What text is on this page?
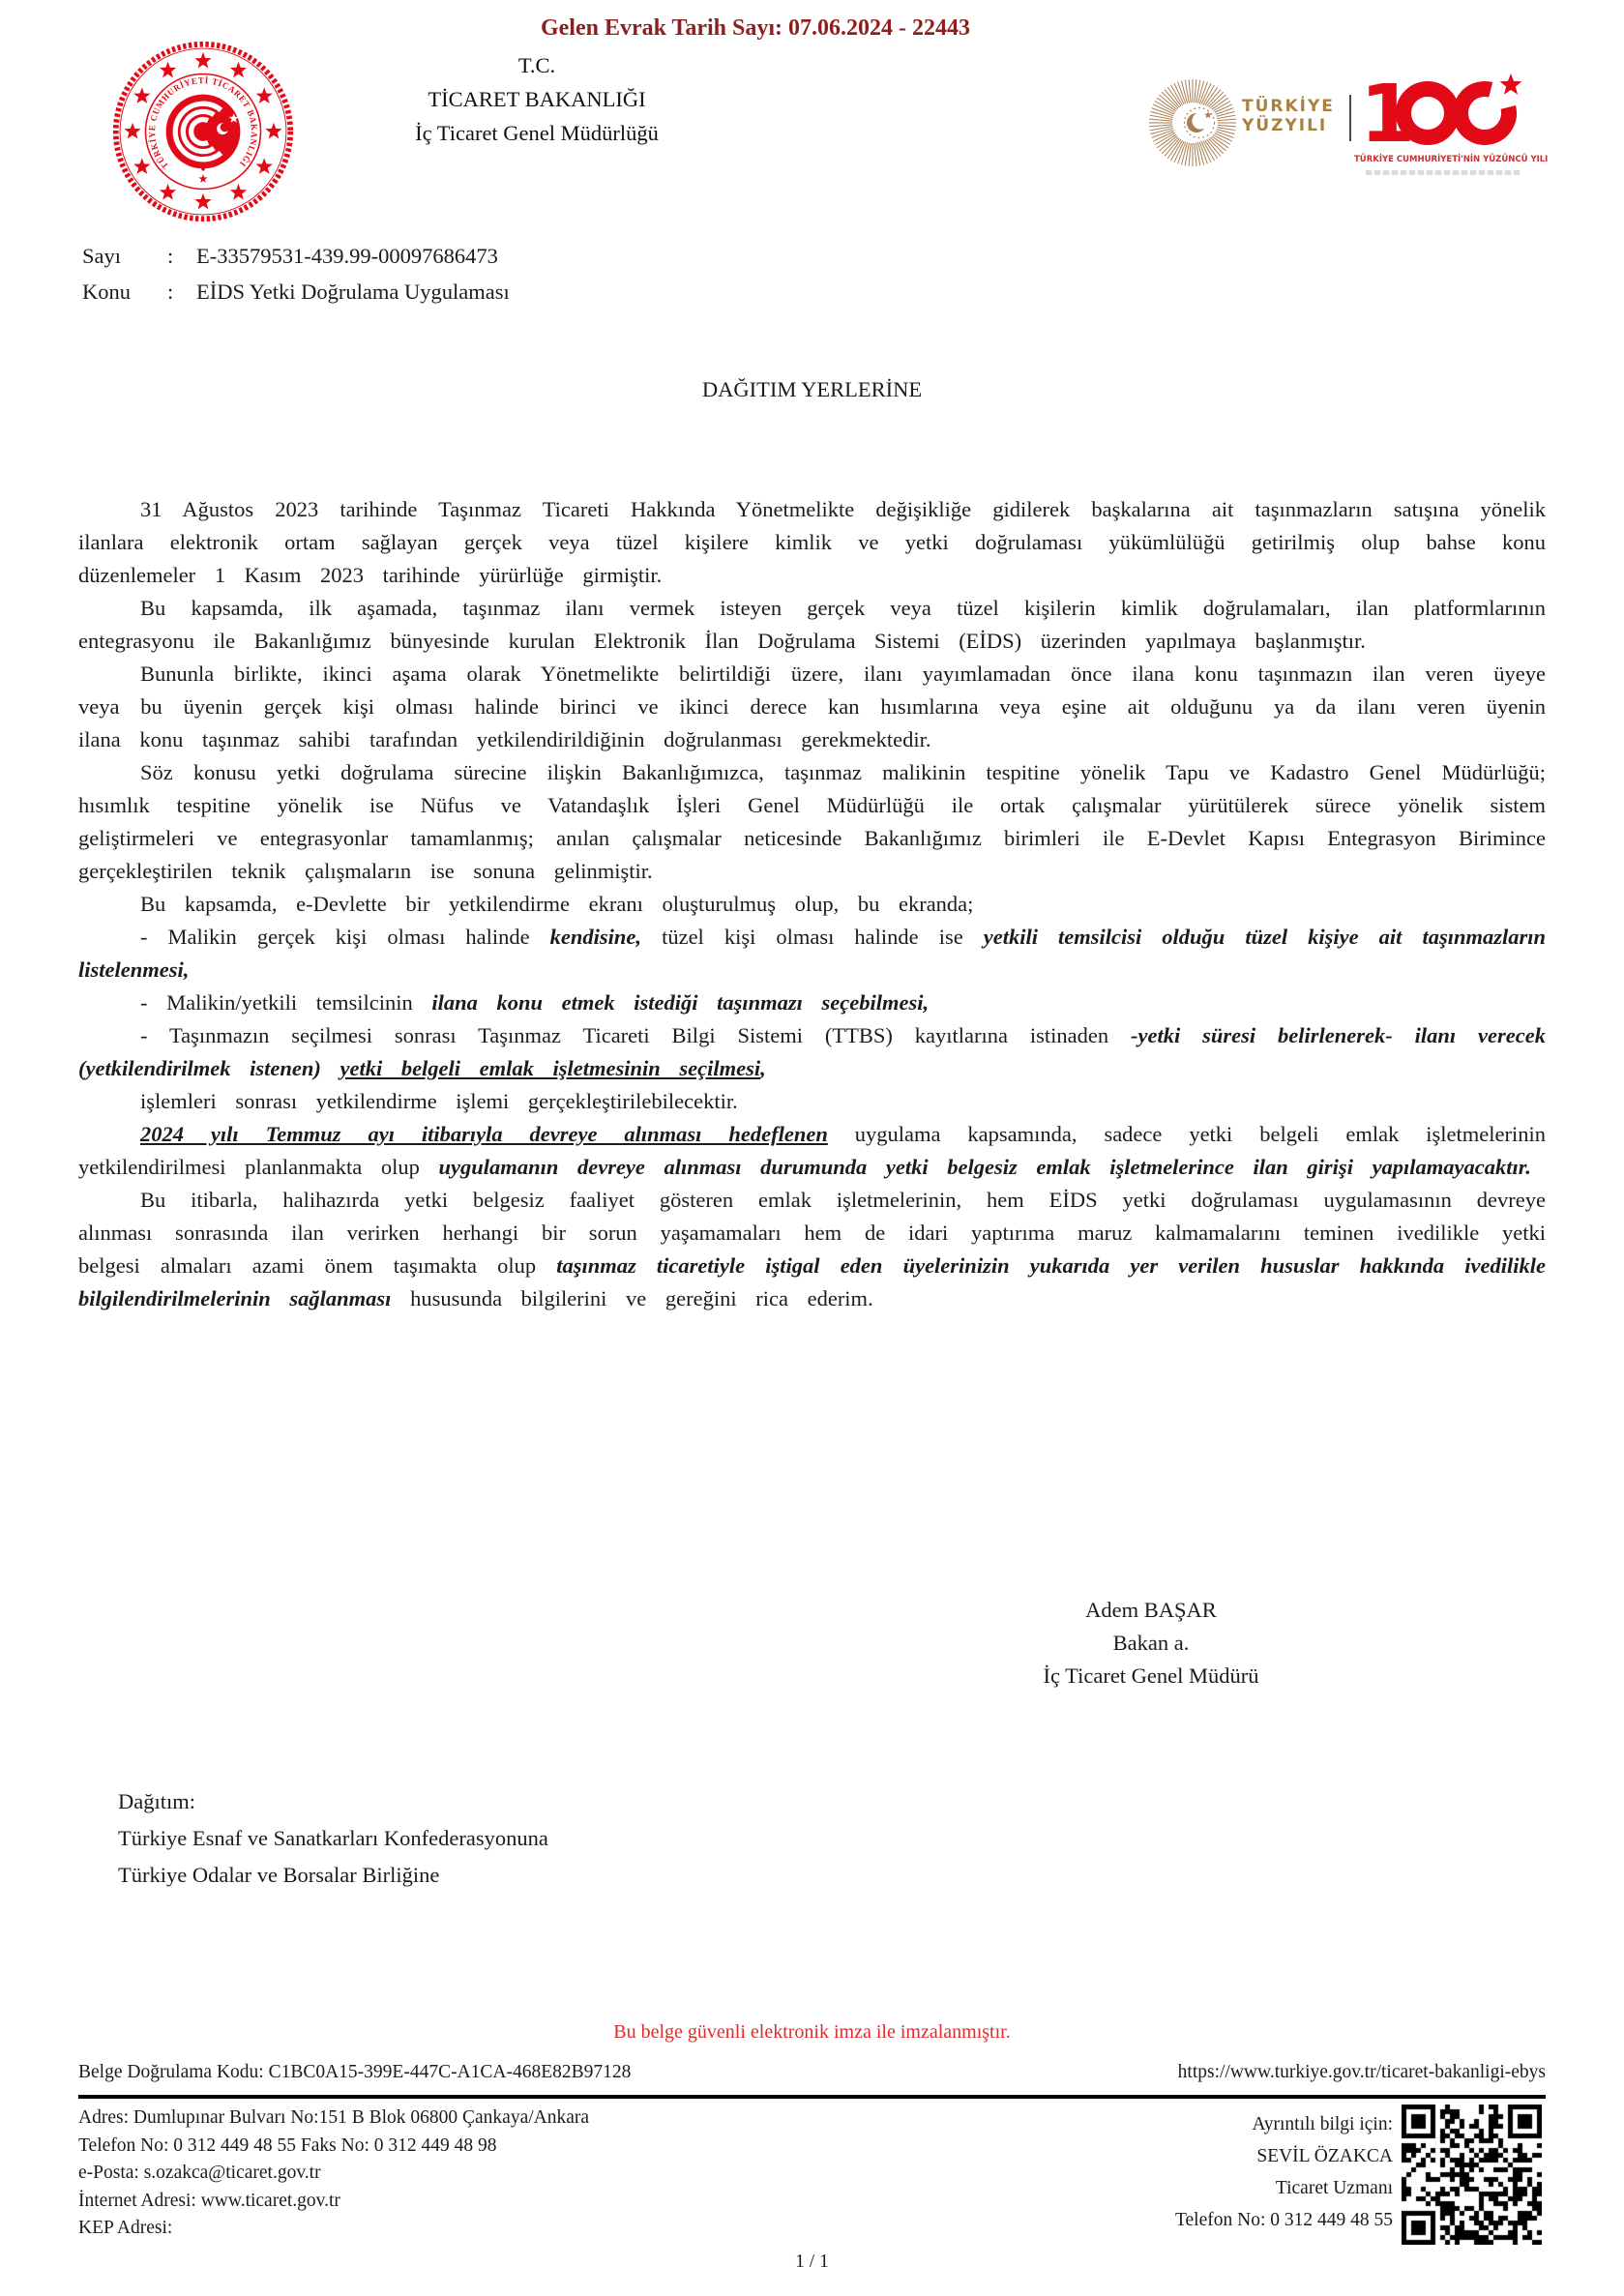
Gelen Evrak Tarih Sayı: 07.06.2024 - 22443
TÜRKİYE CUMHURİYETİ TİCARET BAKANLIĞI
T.C.
TİCARET BAKANLIĞI
İç Ticaret Genel Müdürlüğü
TÜRKİYE
YÜZYILI 1
TÜRKİYE CUMHURİYETİ'NİN YÜZÜNCÜ YILI
Sayı : E-33579531-439.99-00097686473
Konu : EİDS Yetki Doğrulama Uygulaması
DAĞITIM YERLERİNE

31 Ağustos 2023 tarihinde Taşınmaz Ticareti Hakkında Yönetmelikte değişikliğe gidilerek başkalarına ait taşınmazların satışına yönelik ilanlara elektronik ortam sağlayan gerçek veya tüzel kişilere kimlik ve yetki doğrulaması yükümlülüğü getirilmiş olup bahse konu düzenlemeler 1 Kasım 2023 tarihinde yürürlüğe girmiştir.

Bu kapsamda, ilk aşamada, taşınmaz ilanı vermek isteyen gerçek veya tüzel kişilerin kimlik doğrulamaları, ilan platformlarının entegrasyonu ile Bakanlığımız bünyesinde kurulan Elektronik İlan Doğrulama Sistemi (EİDS) üzerinden yapılmaya başlanmıştır.

Bununla birlikte, ikinci aşama olarak Yönetmelikte belirtildiği üzere, ilanı yayımlamadan önce ilana konu taşınmazın ilan veren üyeye veya bu üyenin gerçek kişi olması halinde birinci ve ikinci derece kan hısımlarına veya eşine ait olduğunu ya da ilanı veren üyenin ilana konu taşınmaz sahibi tarafından yetkilendirildiğinin doğrulanması gerekmektedir.

Söz konusu yetki doğrulama sürecine ilişkin Bakanlığımızca, taşınmaz malikinin tespitine yönelik Tapu ve Kadastro Genel Müdürlüğü; hısımlık tespitine yönelik ise Nüfus ve Vatandaşlık İşleri Genel Müdürlüğü ile ortak çalışmalar yürütülerek sürece yönelik sistem geliştirmeleri ve entegrasyonlar tamamlanmış; anılan çalışmalar neticesinde Bakanlığımız birimleri ile E-Devlet Kapısı Entegrasyon Birimince gerçekleştirilen teknik çalışmaların ise sonuna gelinmiştir.

Bu kapsamda, e-Devlette bir yetkilendirme ekranı oluşturulmuş olup, bu ekranda;

- Malikin gerçek kişi olması halinde kendisine, tüzel kişi olması halinde ise yetkili temsilcisi olduğu tüzel kişiye ait taşınmazların listelenmesi,

- Malikin/yetkili temsilcinin ilana konu etmek istediği taşınmazı seçebilmesi,

- Taşınmazın seçilmesi sonrası Taşınmaz Ticareti Bilgi Sistemi (TTBS) kayıtlarına istinaden -yetki süresi belirlenerek- ilanı verecek (yetkilendirilmek istenen) yetki belgeli emlak işletmesinin seçilmesi,

işlemleri sonrası yetkilendirme işlemi gerçekleştirilebilecektir.

2024 yılı Temmuz ayı itibarıyla devreye alınması hedeflenen uygulama kapsamında, sadece yetki belgeli emlak işletmelerinin yetkilendirilmesi planlanmakta olup uygulamanın devreye alınması durumunda yetki belgesiz emlak işletmelerince ilan girişi yapılamayacaktır.

Bu itibarla, halihazırda yetki belgesiz faaliyet gösteren emlak işletmelerinin, hem EİDS yetki doğrulaması uygulamasının devreye alınması sonrasında ilan verirken herhangi bir sorun yaşamamaları hem de idari yaptırıma maruz kalmamalarını teminen ivedilikle yetki belgesi almaları azami önem taşımakta olup taşınmaz ticaretiyle iştigal eden üyelerinizin yukarıda yer verilen hususlar hakkında ivedilikle bilgilendirilmelerinin sağlanması hususunda bilgilerini ve gereğini rica ederim.

Adem BAŞAR
Bakan a.
İç Ticaret Genel Müdürü
Dağıtım:
Türkiye Esnaf ve Sanatkarları Konfederasyonuna
Türkiye Odalar ve Borsalar Birliğine
Bu belge güvenli elektronik imza ile imzalanmıştır.
Belge Doğrulama Kodu: C1BC0A15-399E-447C-A1CA-468E82B97128	https://www.turkiye.gov.tr/ticaret-bakanligi-ebys
Adres: Dumlupınar Bulvarı No:151 B Blok 06800 Çankaya/Ankara
Telefon No: 0 312 449 48 55 Faks No: 0 312 449 48 98
e-Posta: s.ozakca@ticaret.gov.tr
İnternet Adresi: www.ticaret.gov.tr
KEP Adresi:
Ayrıntılı bilgi için:
SEVİL ÖZAKCA
Ticaret Uzmanı
Telefon No: 0 312 449 48 55
1 / 1
